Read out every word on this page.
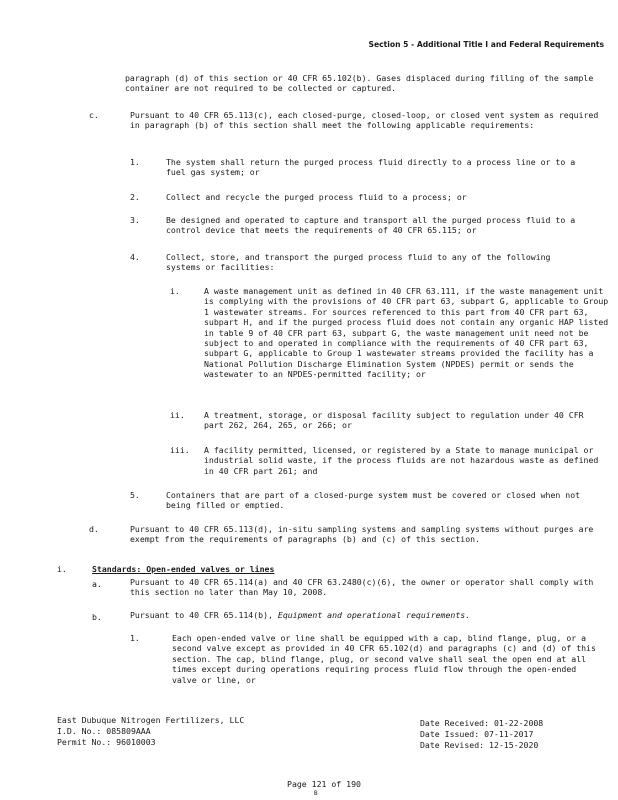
Section 5 - Additional Title I and Federal Requirements
paragraph (d) of this section or 40 CFR 65.102(b). Gases displaced during filling of the sample container are not required to be collected or captured.
c.	Pursuant to 40 CFR 65.113(c), each closed-purge, closed-loop, or closed vent system as required in paragraph (b) of this section shall meet the following applicable requirements:
1.	The system shall return the purged process fluid directly to a process line or to a fuel gas system; or
2.	Collect and recycle the purged process fluid to a process; or
3.	Be designed and operated to capture and transport all the purged process fluid to a control device that meets the requirements of 40 CFR 65.115; or
4.	Collect, store, and transport the purged process fluid to any of the following systems or facilities:
i.	A waste management unit as defined in 40 CFR 63.111, if the waste management unit is complying with the provisions of 40 CFR part 63, subpart G, applicable to Group 1 wastewater streams. For sources referenced to this part from 40 CFR part 63, subpart H, and if the purged process fluid does not contain any organic HAP listed in table 9 of 40 CFR part 63, subpart G, the waste management unit need not be subject to and operated in compliance with the requirements of 40 CFR part 63, subpart G, applicable to Group 1 wastewater streams provided the facility has a National Pollution Discharge Elimination System (NPDES) permit or sends the wastewater to an NPDES-permitted facility; or
ii. A treatment, storage, or disposal facility subject to regulation under 40 CFR part 262, 264, 265, or 266; or
iii. A facility permitted, licensed, or registered by a State to manage municipal or industrial solid waste, if the process fluids are not hazardous waste as defined in 40 CFR part 261; and
5.	Containers that are part of a closed-purge system must be covered or closed when not being filled or emptied.
d.	Pursuant to 40 CFR 65.113(d), in-situ sampling systems and sampling systems without purges are exempt from the requirements of paragraphs (b) and (c) of this section.
i.	Standards: Open-ended valves or lines
a.	Pursuant to 40 CFR 65.114(a) and 40 CFR 63.2480(c)(6), the owner or operator shall comply with this section no later than May 10, 2008.
b.	Pursuant to 40 CFR 65.114(b), Equipment and operational requirements.
1.	Each open-ended valve or line shall be equipped with a cap, blind flange, plug, or a second valve except as provided in 40 CFR 65.102(d) and paragraphs (c) and (d) of this section. The cap, blind flange, plug, or second valve shall seal the open end at all times except during operations requiring process fluid flow through the open-ended valve or line, or
East Dubuque Nitrogen Fertilizers, LLC
I.D. No.: 085809AAA
Permit No.: 96010003
Date Received: 01-22-2008
Date Issued: 07-11-2017
Date Revised: 12-15-2020
Page 121 of 190
B
